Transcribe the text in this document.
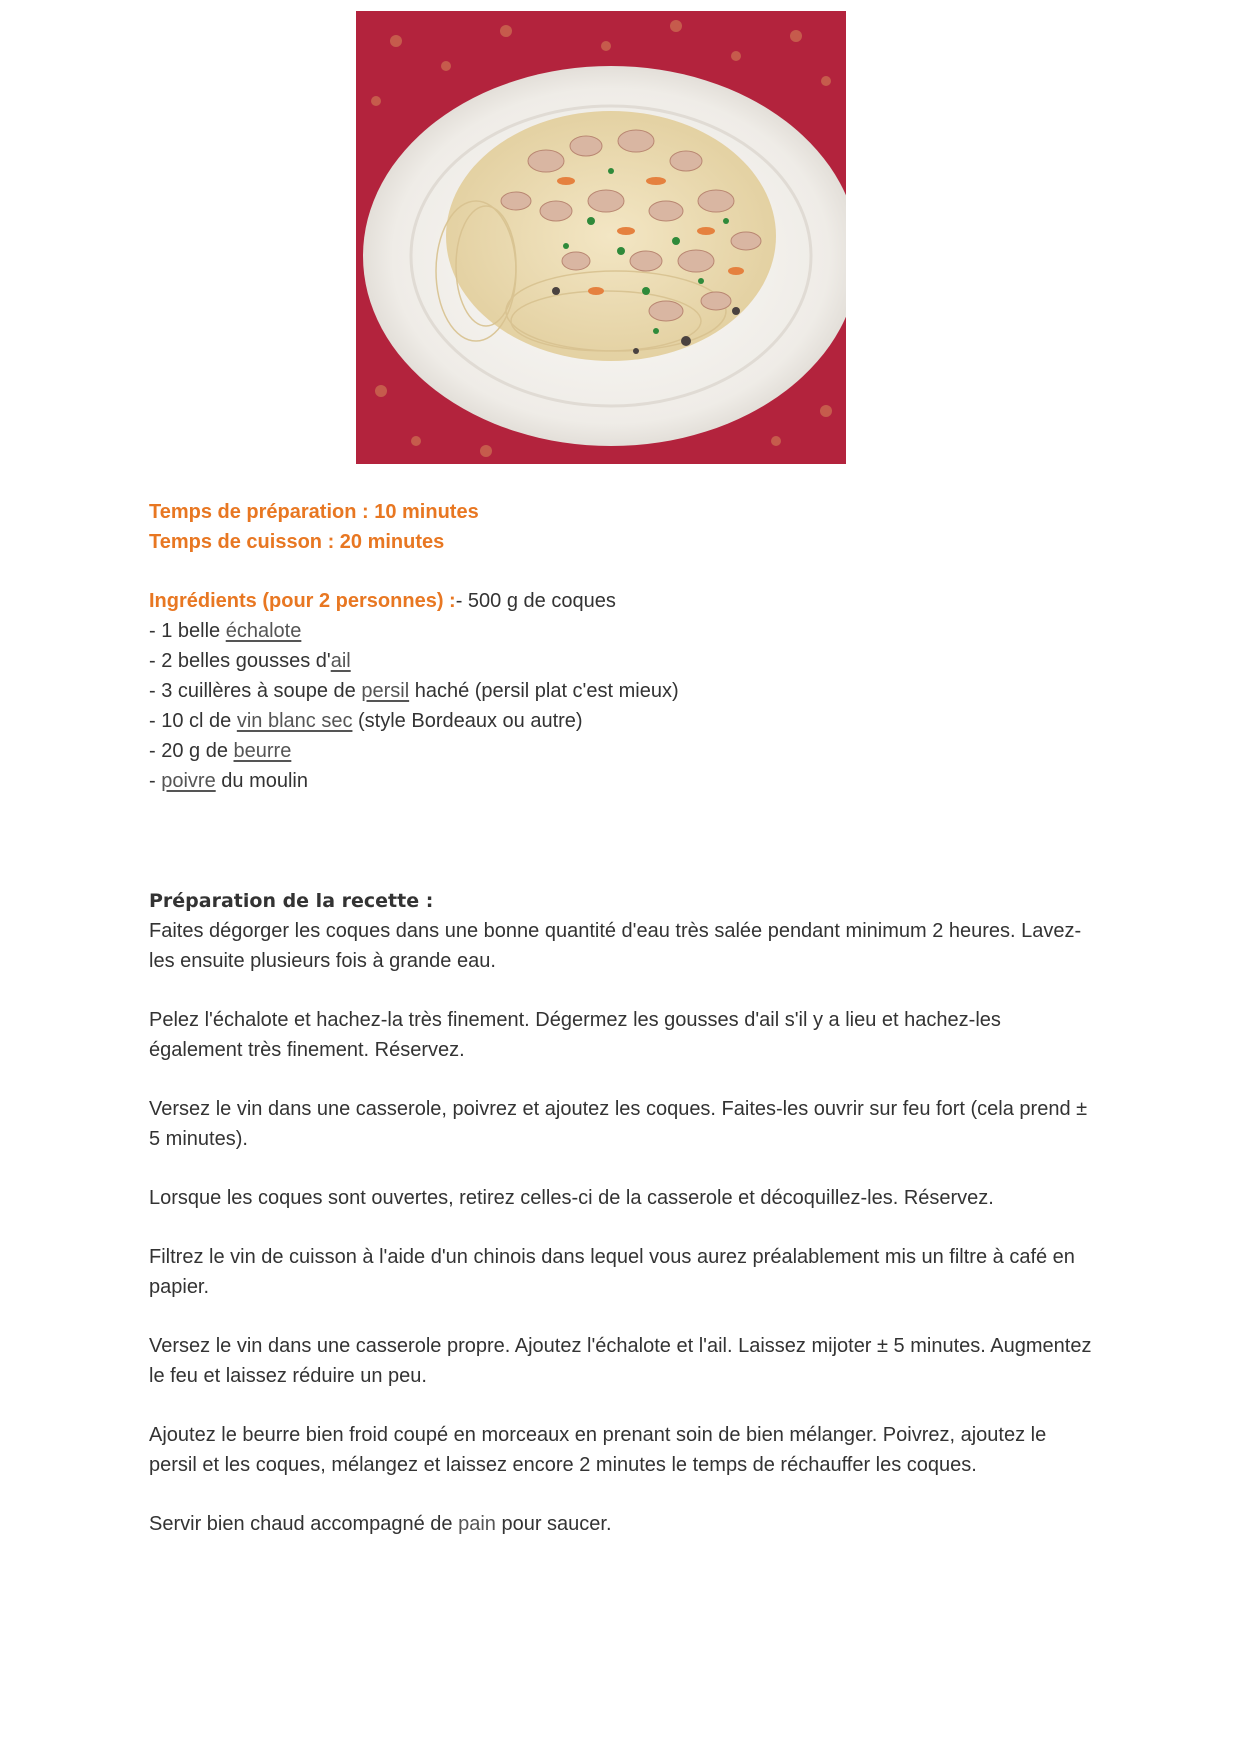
Temps de préparation : 10 minutes
Temps de cuisson : 20 minutes
Ingrédients (pour 2 personnes) :- 500 g de coques
- 1 belle échalote
- 2 belles gousses d'ail
- 3 cuillères à soupe de persil haché (persil plat c'est mieux)
- 10 cl de vin blanc sec (style Bordeaux ou autre)
- 20 g de beurre
- poivre du moulin
Préparation de la recette :

Faites dégorger les coques dans une bonne quantité d'eau très salée pendant minimum 2 heures. Lavez-les ensuite plusieurs fois à grande eau.

Pelez l'échalote et hachez-la très finement. Dégermez les gousses d'ail s'il y a lieu et hachez-les également très finement. Réservez.

Versez le vin dans une casserole, poivrez et ajoutez les coques. Faites-les ouvrir sur feu fort (cela prend ± 5 minutes).

Lorsque les coques sont ouvertes, retirez celles-ci de la casserole et décoquillez-les. Réservez.

Filtrez le vin de cuisson à l'aide d'un chinois dans lequel vous aurez préalablement mis un filtre à café en papier.

Versez le vin dans une casserole propre. Ajoutez l'échalote et l'ail. Laissez mijoter ± 5 minutes. Augmentez le feu et laissez réduire un peu.

Ajoutez le beurre bien froid coupé en morceaux en prenant soin de bien mélanger. Poivrez, ajoutez le persil et les coques, mélangez et laissez encore 2 minutes le temps de réchauffer les coques.

Servir bien chaud accompagné de pain pour saucer.
